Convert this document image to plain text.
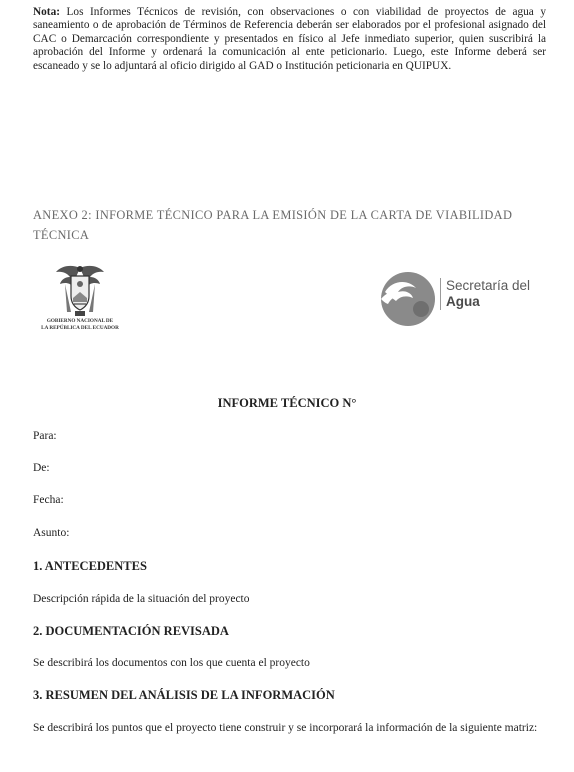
Nota: Los Informes Técnicos de revisión, con observaciones o con viabilidad de proyectos de agua y saneamiento o de aprobación de Términos de Referencia deberán ser elaborados por el profesional asignado del CAC o Demarcación correspondiente y presentados en físico al Jefe inmediato superior, quien suscribirá la aprobación del Informe y ordenará la comunicación al ente peticionario. Luego, este Informe deberá ser escaneado y se lo adjuntará al oficio dirigido al GAD o Institución peticionaria en QUIPUX.
ANEXO 2: INFORME TÉCNICO PARA LA EMISIÓN DE LA CARTA DE VIABILIDAD TÉCNICA
GOBIERNO NACIONAL DE
LA REPÚBLICA DEL ECUADOR
Secretaría del
Agua
INFORME TÉCNICO N°
Para:
De:
Fecha:
Asunto:
1. ANTECEDENTES
Descripción rápida de la situación del proyecto
2. DOCUMENTACIÓN REVISADA
Se describirá los documentos con los que cuenta el proyecto
3. RESUMEN DEL ANÁLISIS DE LA INFORMACIÓN
Se describirá los puntos que el proyecto tiene construir y se incorporará la información de la siguiente matriz:
